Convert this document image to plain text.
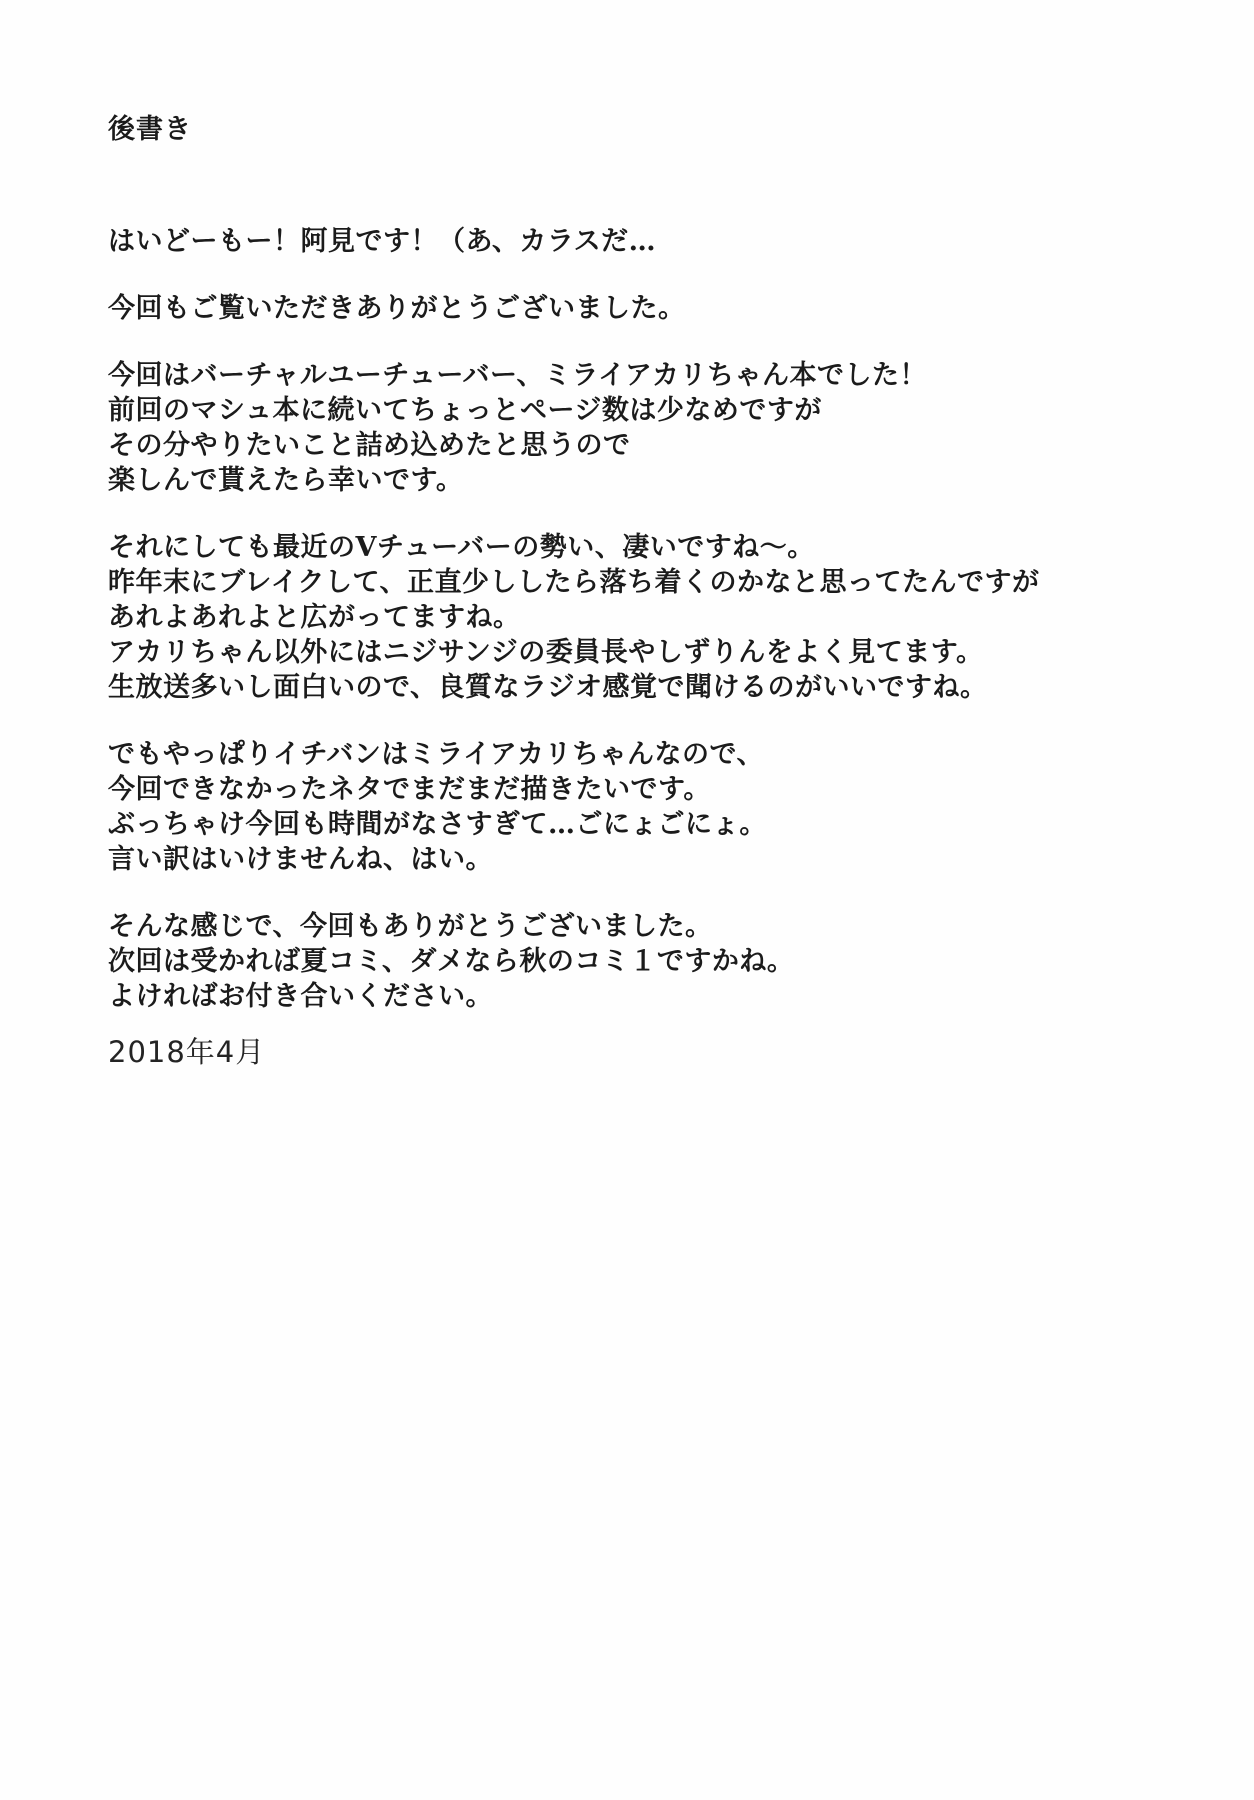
後書き

はいどーもー！阿見です！（あ、カラスだ…

今回もご覧いただきありがとうございました。

今回はバーチャルユーチューバー、ミライアカリちゃん本でした！
前回のマシュ本に続いてちょっとページ数は少なめですが
その分やりたいこと詰め込めたと思うので
楽しんで貰えたら幸いです。

それにしても最近のVチューバーの勢い、凄いですね～。
昨年末にブレイクして、正直少ししたら落ち着くのかなと思ってたんですが
あれよあれよと広がってますね。
アカリちゃん以外にはニジサンジの委員長やしずりんをよく見てます。
生放送多いし面白いので、良質なラジオ感覚で聞けるのがいいですね。

でもやっぱりイチバンはミライアカリちゃんなので、
今回できなかったネタでまだまだ描きたいです。
ぶっちゃけ今回も時間がなさすぎて…ごにょごにょ。
言い訳はいけませんね、はい。

そんな感じで、今回もありがとうございました。
次回は受かれば夏コミ、ダメなら秋のコミ１ですかね。
よければお付き合いください。

2018年4月
